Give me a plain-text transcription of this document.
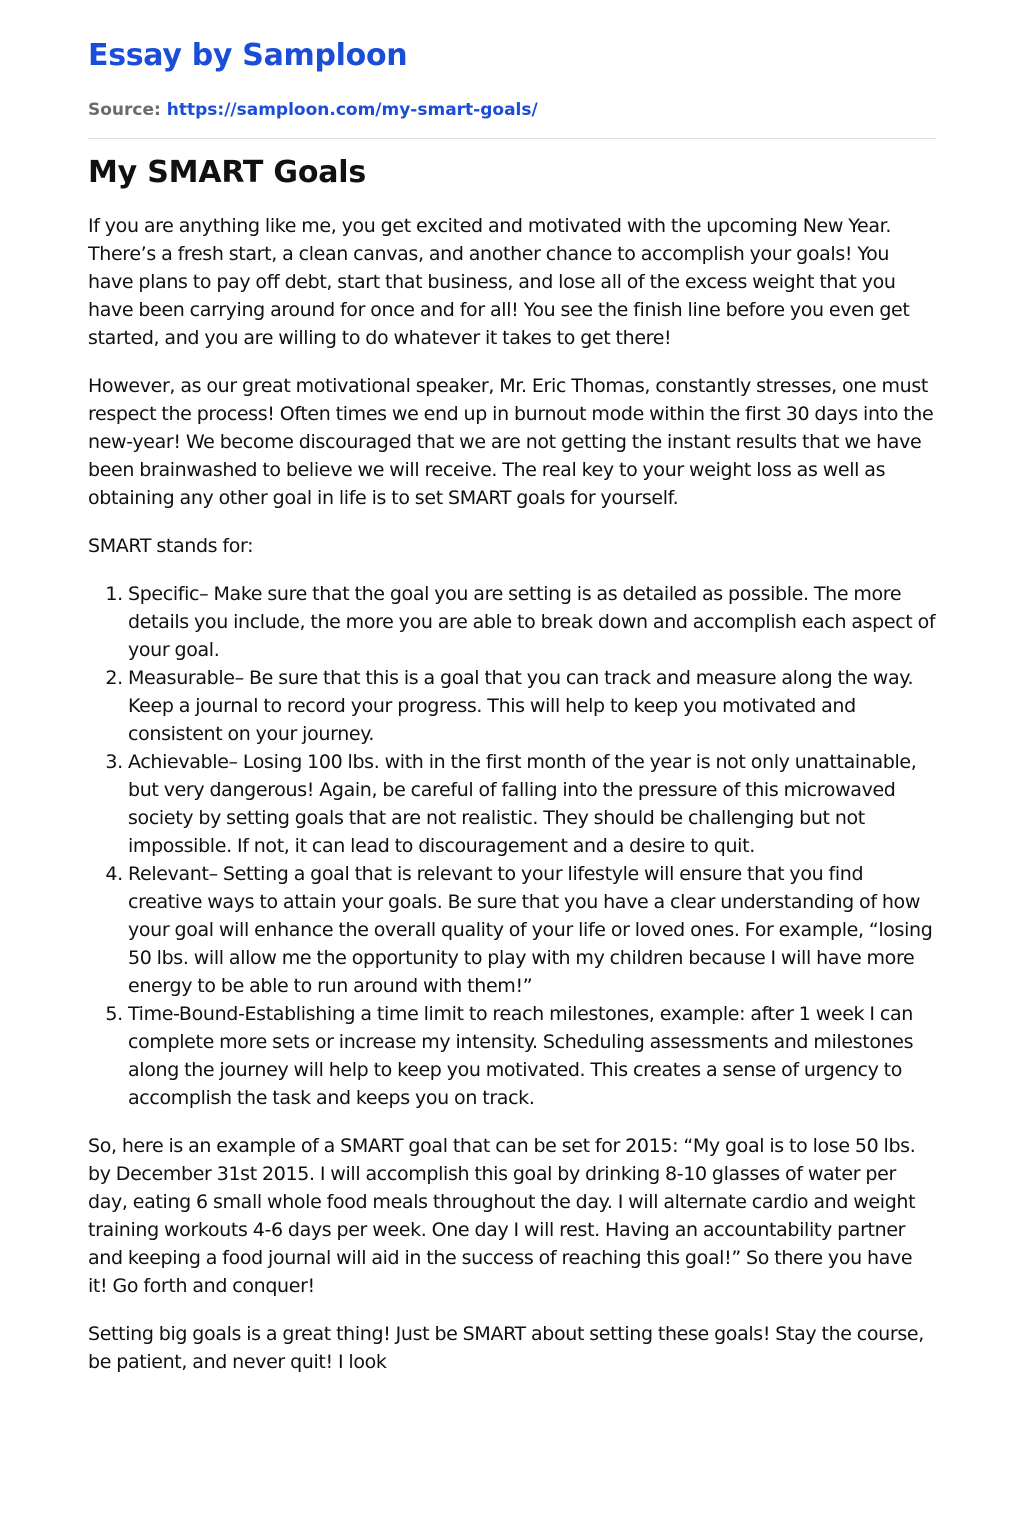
Essay by Samploon
Source: https://samploon.com/my-smart-goals/
My SMART Goals

If you are anything like me, you get excited and motivated with the upcoming New Year. There’s a fresh start, a clean canvas, and another chance to accomplish your goals! You have plans to pay off debt, start that business, and lose all of the excess weight that you have been carrying around for once and for all! You see the finish line before you even get started, and you are willing to do whatever it takes to get there!

However, as our great motivational speaker, Mr. Eric Thomas, constantly stresses, one must respect the process! Often times we end up in burnout mode within the first 30 days into the new-year! We become discouraged that we are not getting the instant results that we have been brainwashed to believe we will receive. The real key to your weight loss as well as obtaining any other goal in life is to set SMART goals for yourself.

SMART stands for:

1. Specific– Make sure that the goal you are setting is as detailed as possible. The more details you include, the more you are able to break down and accomplish each aspect of your goal.
2. Measurable– Be sure that this is a goal that you can track and measure along the way. Keep a journal to record your progress. This will help to keep you motivated and consistent on your journey.
3. Achievable– Losing 100 lbs. with in the first month of the year is not only unattainable, but very dangerous! Again, be careful of falling into the pressure of this microwaved society by setting goals that are not realistic. They should be challenging but not impossible. If not, it can lead to discouragement and a desire to quit.
4. Relevant– Setting a goal that is relevant to your lifestyle will ensure that you find creative ways to attain your goals. Be sure that you have a clear understanding of how your goal will enhance the overall quality of your life or loved ones. For example, “losing 50 lbs. will allow me the opportunity to play with my children because I will have more energy to be able to run around with them!”
5. Time-Bound-Establishing a time limit to reach milestones, example: after 1 week I can complete more sets or increase my intensity. Scheduling assessments and milestones along the journey will help to keep you motivated. This creates a sense of urgency to accomplish the task and keeps you on track.

So, here is an example of a SMART goal that can be set for 2015: “My goal is to lose 50 lbs. by December 31st 2015. I will accomplish this goal by drinking 8-10 glasses of water per day, eating 6 small whole food meals throughout the day. I will alternate cardio and weight training workouts 4-6 days per week. One day I will rest. Having an accountability partner and keeping a food journal will aid in the success of reaching this goal!” So there you have it! Go forth and conquer!

Setting big goals is a great thing! Just be SMART about setting these goals! Stay the course, be patient, and never quit! I look
